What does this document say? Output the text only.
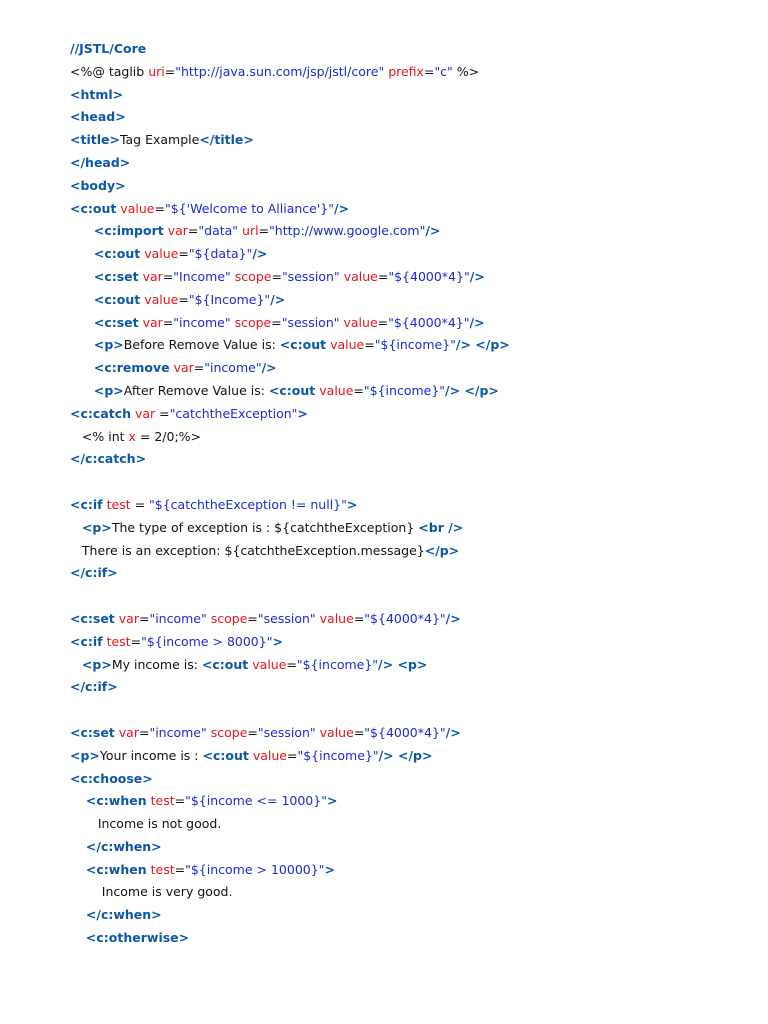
//JSTL/Core
<%@ taglib uri="http://java.sun.com/jsp/jstl/core" prefix="c" %>
<html>
<head>
<title>Tag Example</title>
</head>
<body>
<c:out value="${'Welcome to Alliance'}"/>
<c:import var="data" url="http://www.google.com"/>
<c:out value="${data}"/>
<c:set var="Income" scope="session" value="${4000*4}"/>
<c:out value="${Income}"/>
<c:set var="income" scope="session" value="${4000*4}"/>
<p>Before Remove Value is: <c:out value="${income}"/> </p>
<c:remove var="income"/>
<p>After Remove Value is: <c:out value="${income}"/> </p>
<c:catch var ="catchtheException">
<% int x = 2/0;%>
</c:catch>
<c:if test = "${catchtheException != null}">
<p>The type of exception is : ${catchtheException} <br />
There is an exception: ${catchtheException.message}</p>
</c:if>
<c:set var="income" scope="session" value="${4000*4}"/>
<c:if test="${income > 8000}">
<p>My income is: <c:out value="${income}"/> <p>
</c:if>
<c:set var="income" scope="session" value="${4000*4}"/>
<p>Your income is : <c:out value="${income}"/> </p>
<c:choose>
<c:when test="${income <= 1000}">
Income is not good.
</c:when>
<c:when test="${income > 10000}">
Income is very good.
</c:when>
<c:otherwise>
